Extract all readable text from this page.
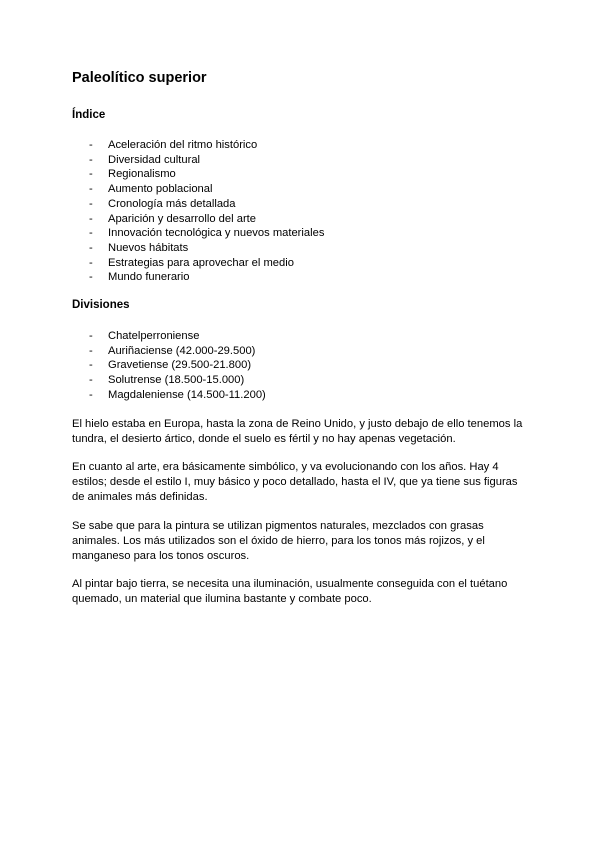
Paleolítico superior
Índice
- Aceleración del ritmo histórico
- Diversidad cultural
- Regionalismo
- Aumento poblacional
- Cronología más detallada
- Aparición y desarrollo del arte
- Innovación tecnológica y nuevos materiales
- Nuevos hábitats
- Estrategias para aprovechar el medio
- Mundo funerario
Divisiones
- Chatelperroniense
- Auriñaciense (42.000-29.500)
- Gravetiense (29.500-21.800)
- Solutrense (18.500-15.000)
- Magdaleniense (14.500-11.200)

El hielo estaba en Europa, hasta la zona de Reino Unido, y justo debajo de ello tenemos la tundra, el desierto ártico, donde el suelo es fértil y no hay apenas vegetación.

En cuanto al arte, era básicamente simbólico, y va evolucionando con los años. Hay 4 estilos; desde el estilo I, muy básico y poco detallado, hasta el IV, que ya tiene sus figuras de animales más definidas.

Se sabe que para la pintura se utilizan pigmentos naturales, mezclados con grasas animales. Los más utilizados son el óxido de hierro, para los tonos más rojizos, y el manganeso para los tonos oscuros.

Al pintar bajo tierra, se necesita una iluminación, usualmente conseguida con el tuétano quemado, un material que ilumina bastante y combate poco.
